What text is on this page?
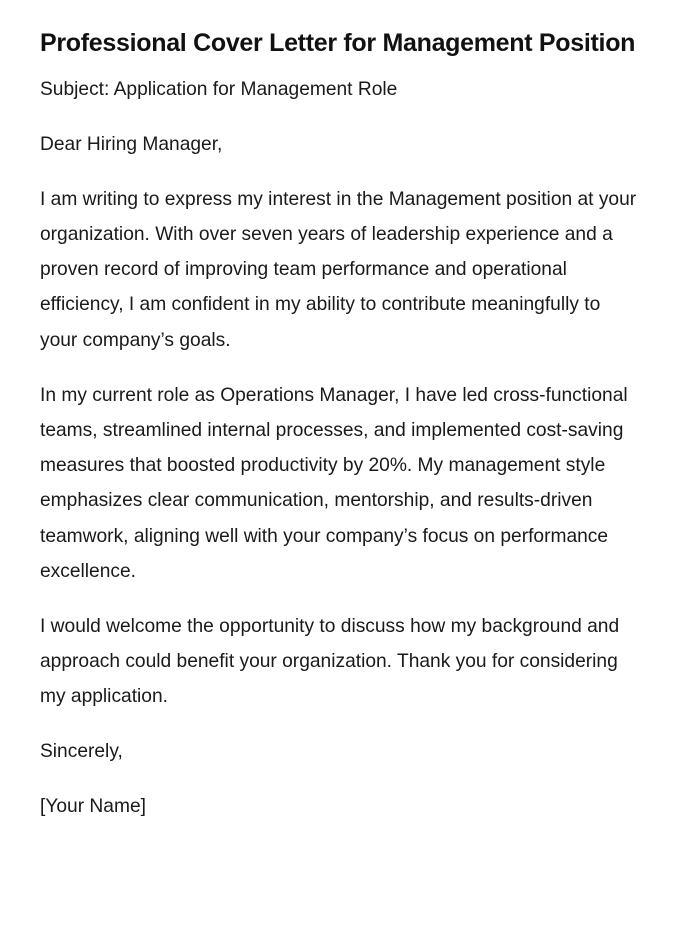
Professional Cover Letter for Management Position

Subject: Application for Management Role

Dear Hiring Manager,

I am writing to express my interest in the Management position at your organization. With over seven years of leadership experience and a proven record of improving team performance and operational efficiency, I am confident in my ability to contribute meaningfully to your company’s goals.

In my current role as Operations Manager, I have led cross-functional teams, streamlined internal processes, and implemented cost-saving measures that boosted productivity by 20%. My management style emphasizes clear communication, mentorship, and results-driven teamwork, aligning well with your company’s focus on performance excellence.

I would welcome the opportunity to discuss how my background and approach could benefit your organization. Thank you for considering my application.

Sincerely,

[Your Name]
